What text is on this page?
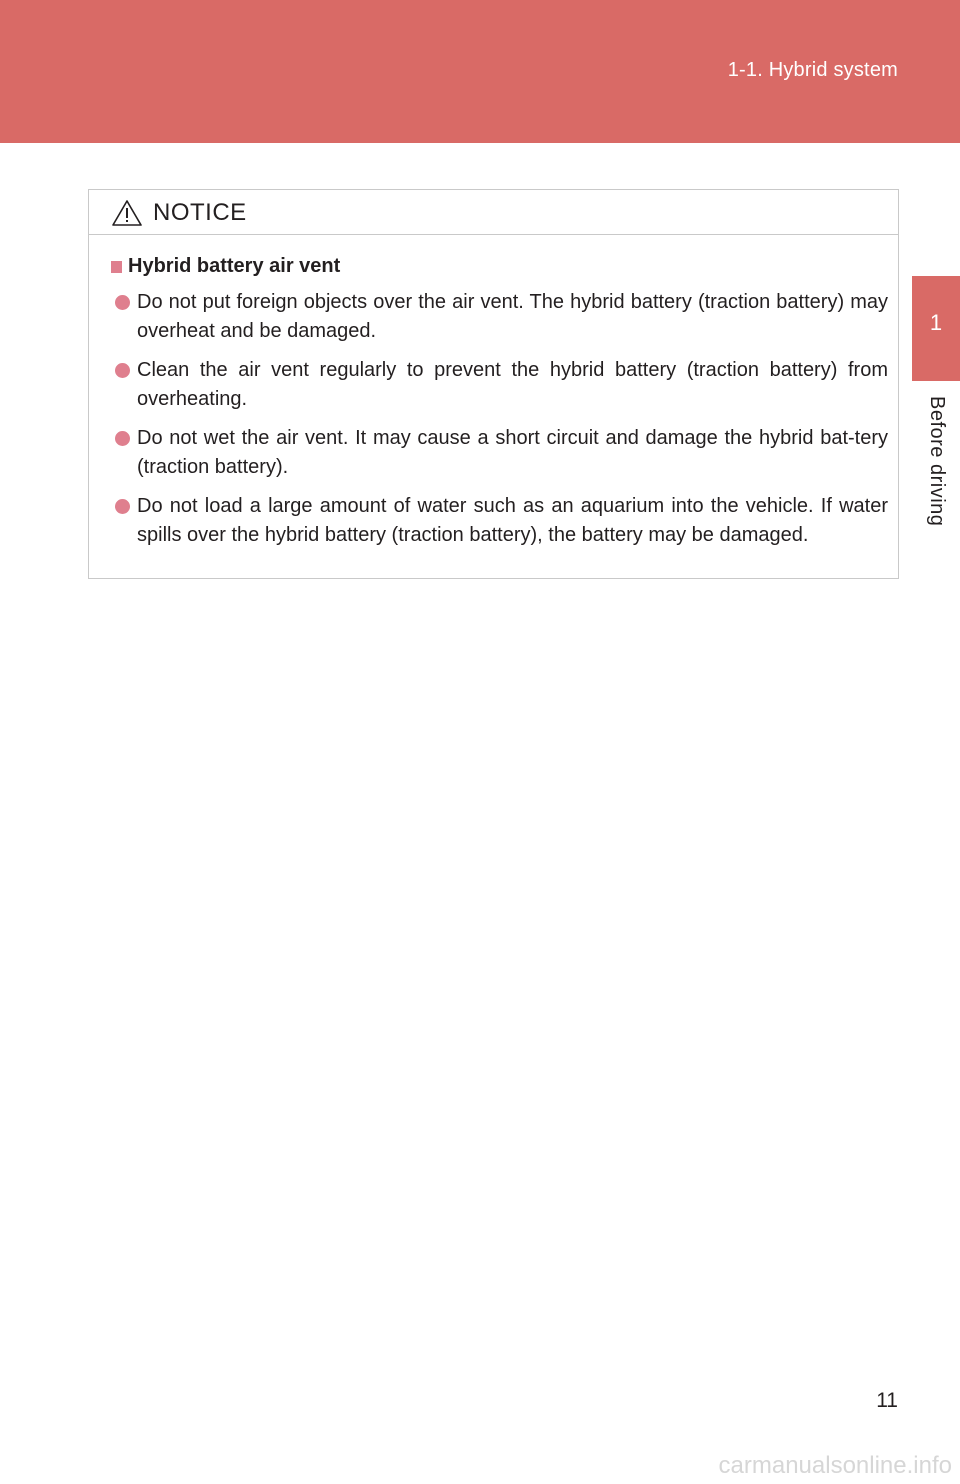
1-1. Hybrid system
1
Before driving
NOTICE
Hybrid battery air vent
Do not put foreign objects over the air vent. The hybrid battery (traction battery) may overheat and be damaged.
Clean the air vent regularly to prevent the hybrid battery (traction battery) from overheating.
Do not wet the air vent. It may cause a short circuit and damage the hybrid bat-tery (traction battery).
Do not load a large amount of water such as an aquarium into the vehicle. If water spills over the hybrid battery (traction battery), the battery may be damaged.
11
carmanualsonline.info
